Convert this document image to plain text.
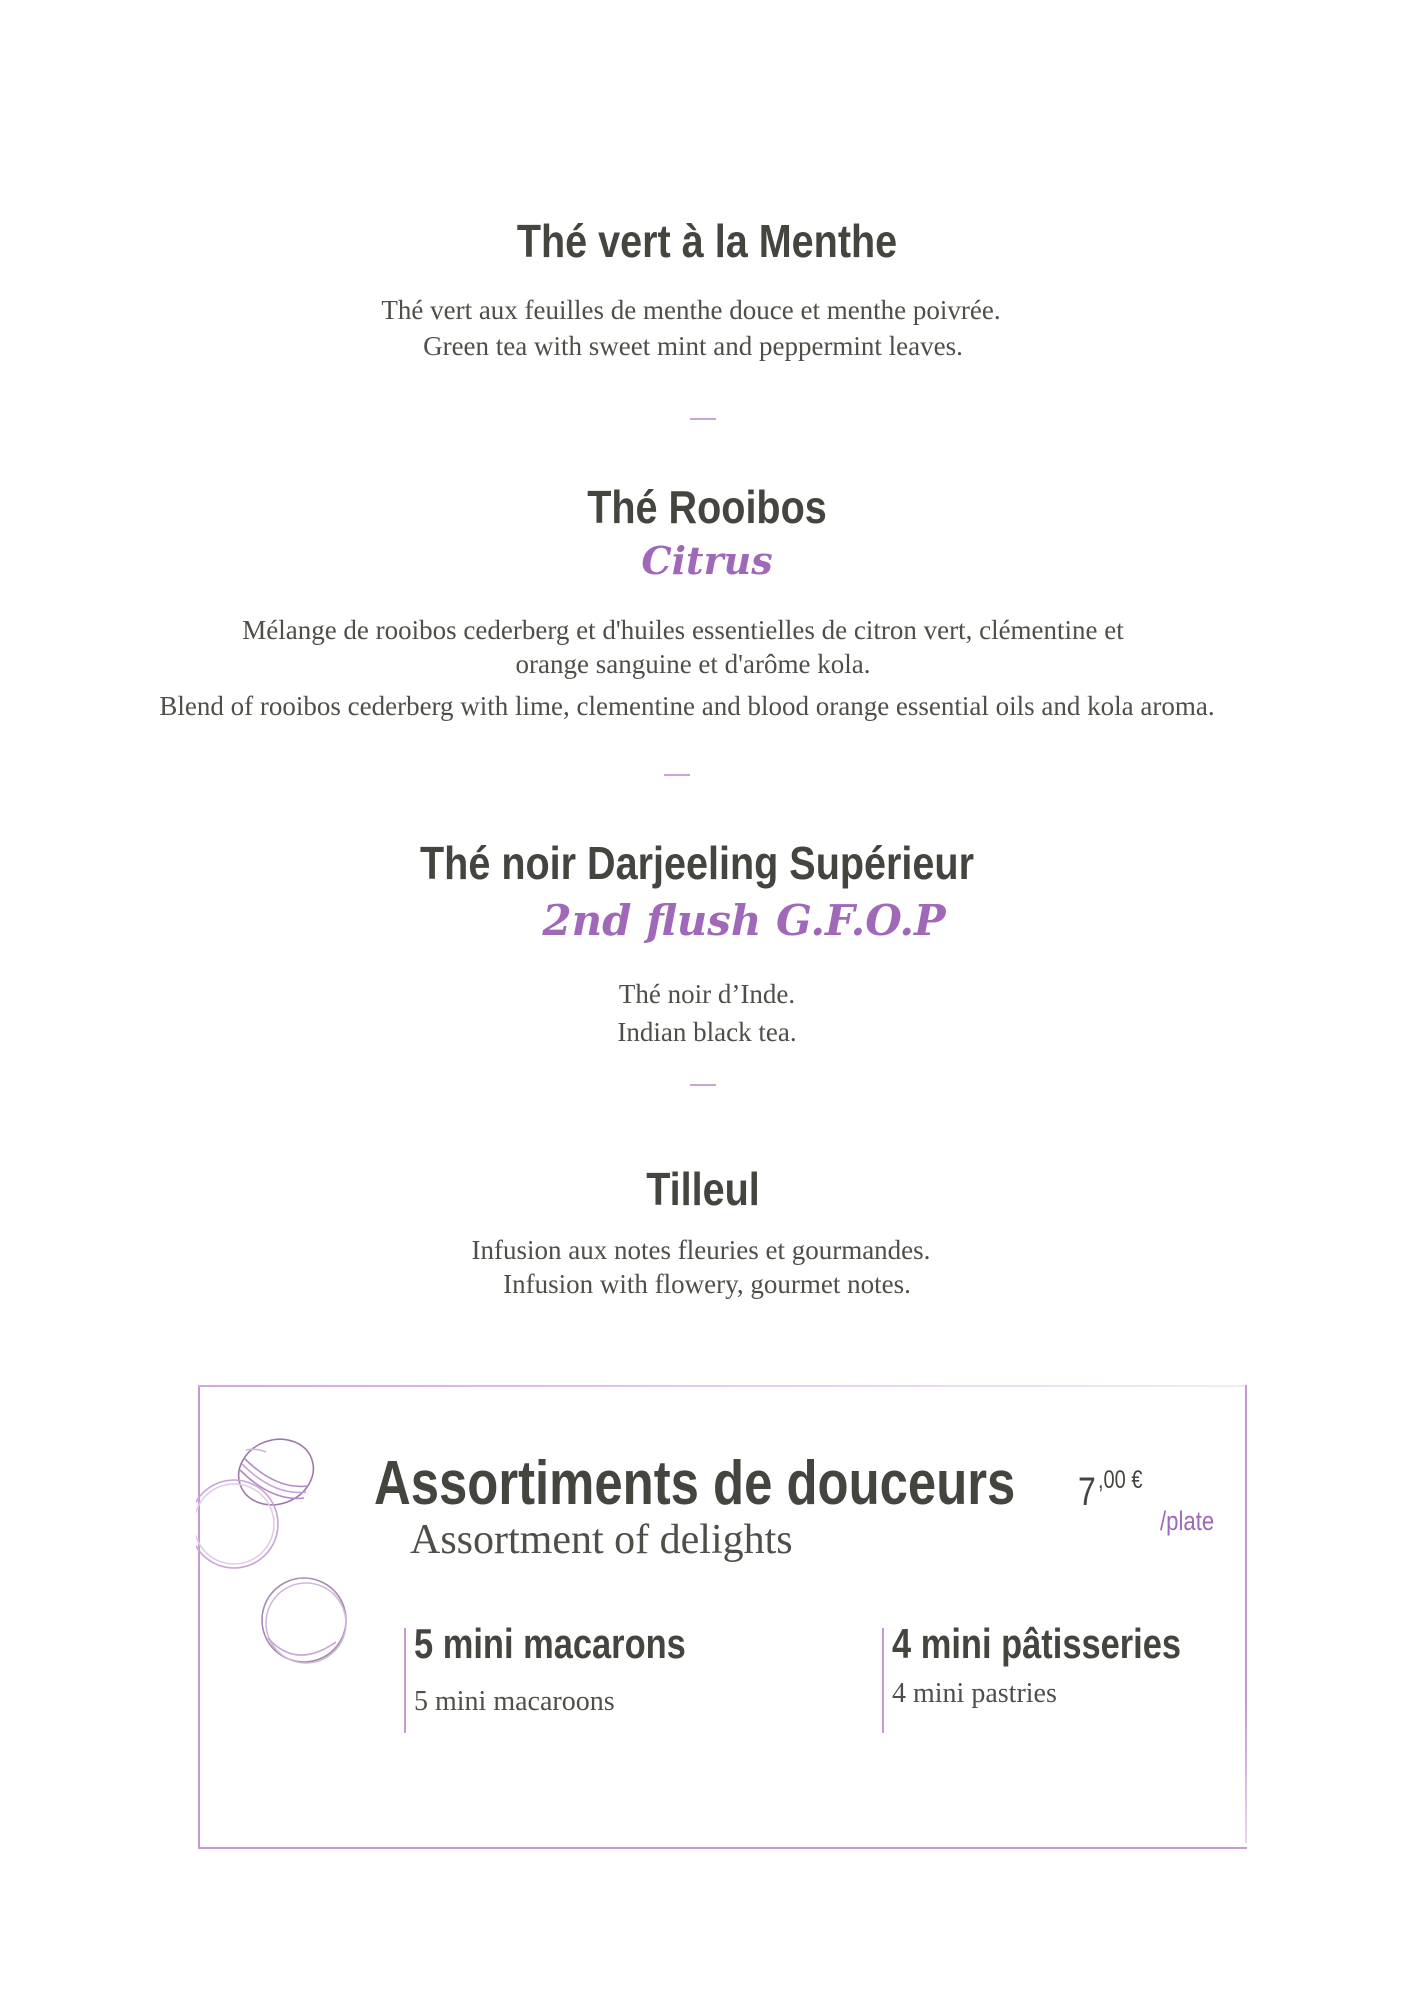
Thé vert à la Menthe
Thé vert aux feuilles de menthe douce et menthe poivrée.
Green tea with sweet mint and peppermint leaves.
Thé Rooibos
Citrus
Mélange de rooibos cederberg et d'huiles essentielles de citron vert, clémentine et
orange sanguine et d'arôme kola.
Blend of rooibos cederberg with lime, clementine and blood orange essential oils and kola aroma.
Thé noir Darjeeling Supérieur
2nd flush G.F.O.P
Thé noir d’Inde.
Indian black tea.
Tilleul
Infusion aux notes fleuries et gourmandes.
Infusion with flowery, gourmet notes.
Assortiments de douceurs
Assortment of delights
7 ,00 €
/plate
5 mini macarons
5 mini macaroons
4 mini pâtisseries
4 mini pastries
